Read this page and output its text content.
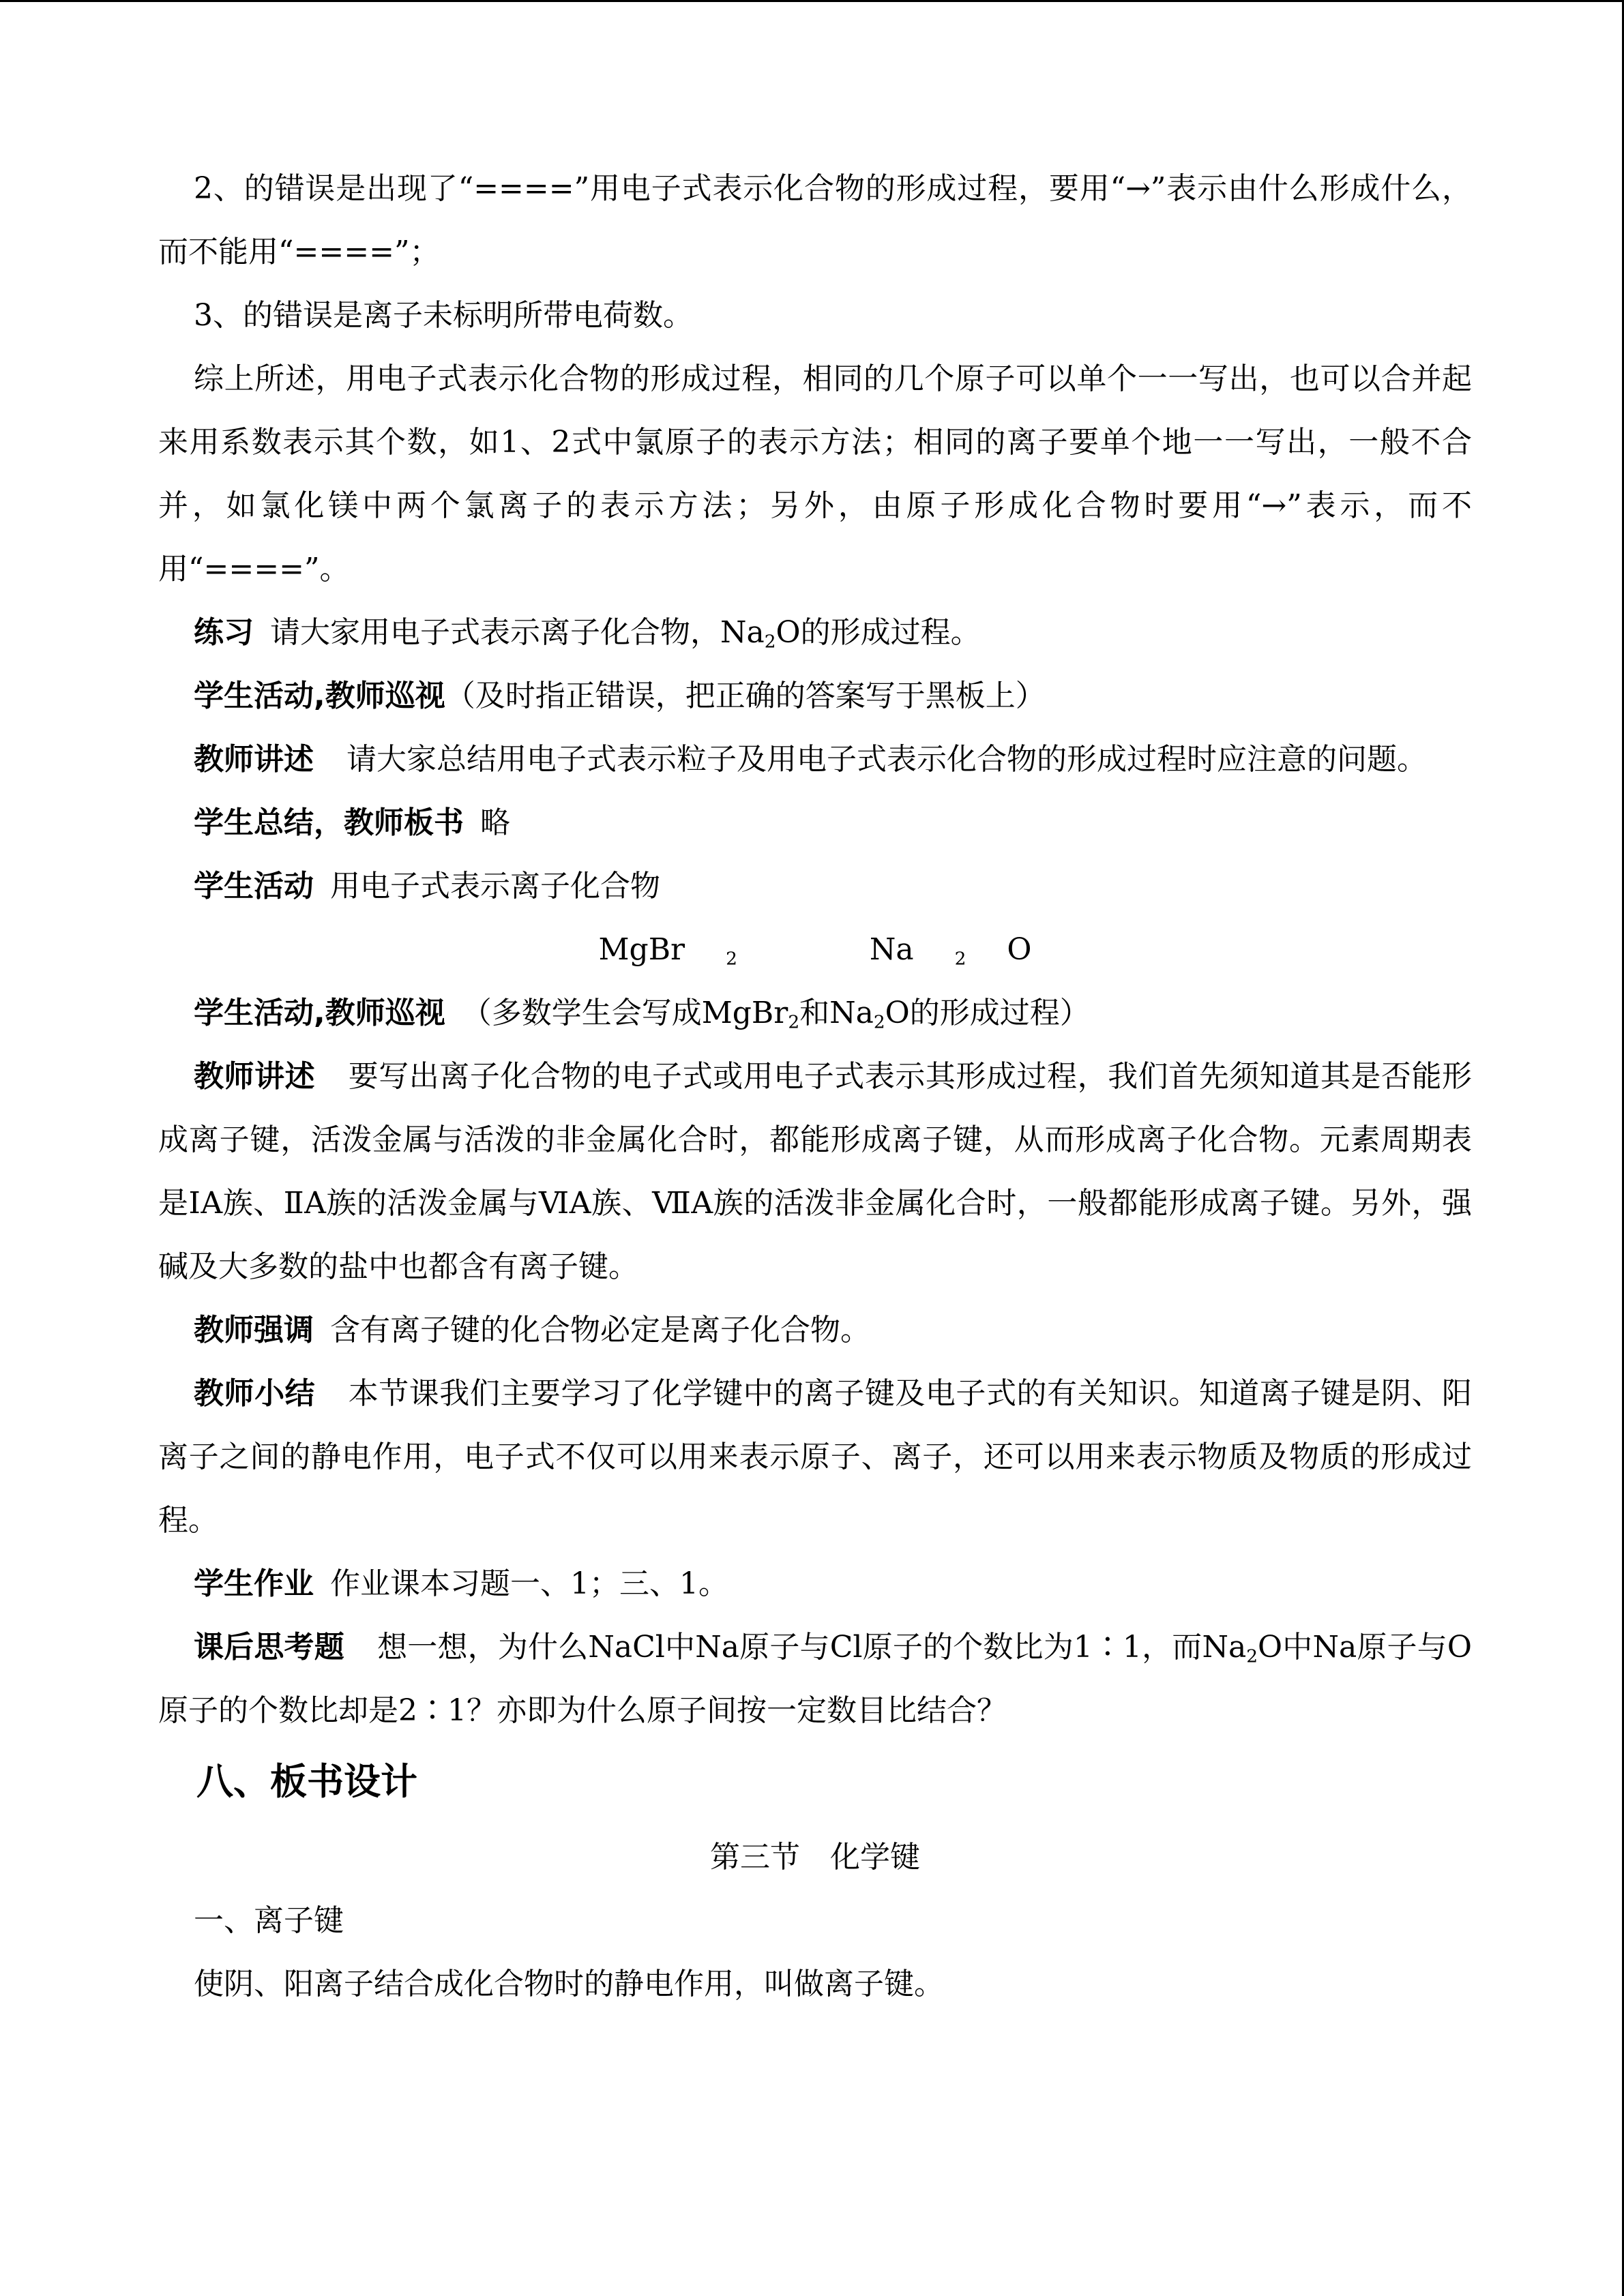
2、的错误是出现了“====”用电子式表示化合物的形成过程，要用“→”表示由什么形成什么，而不能用“====”；

3、的错误是离子未标明所带电荷数。

综上所述，用电子式表示化合物的形成过程，相同的几个原子可以单个一一写出，也可以合并起来用系数表示其个数，如1、2式中氯原子的表示方法；相同的离子要单个地一一写出，一般不合并，如氯化镁中两个氯离子的表示方法；另外，由原子形成化合物时要用“→”表示，而不用“====”。

练习 请大家用电子式表示离子化合物，$Na_2O$的形成过程。

学生活动,教师巡视（及时指正错误，把正确的答案写于黑板上）

教师讲述 请大家总结用电子式表示粒子及用电子式表示化合物的形成过程时应注意的问题。

学生总结，教师板书 略

学生活动 用电子式表示离子化合物

MgBr $_2$	Na $_2$ O

学生活动,教师巡视 （多数学生会写成MgBr$_2$和$Na_2O$的形成过程）

教师讲述 要写出离子化合物的电子式或用电子式表示其形成过程，我们首先须知道其是否能形成离子键，活泼金属与活泼的非金属化合时，都能形成离子键，从而形成离子化合物。元素周期表是ⅠA族、ⅡA族的活泼金属与ⅥA族、ⅦA族的活泼非金属化合时，一般都能形成离子键。另外，强碱及大多数的盐中也都含有离子键。

教师强调 含有离子键的化合物必定是离子化合物。

教师小结 本节课我们主要学习了化学键中的离子键及电子式的有关知识。知道离子键是阴、阳离子之间的静电作用，电子式不仅可以用来表示原子、离子，还可以用来表示物质及物质的形成过程。

学生作业 作业课本习题一、1；三、1。

课后思考题 想一想，为什么NaCl中Na原子与Cl原子的个数比为1∶1，而$Na_2O$中Na原子与O原子的个数比却是2∶1？亦即为什么原子间按一定数目比结合？

八、板书设计

第三节　化学键

一、离子键

使阴、阳离子结合成化合物时的静电作用，叫做离子键。
